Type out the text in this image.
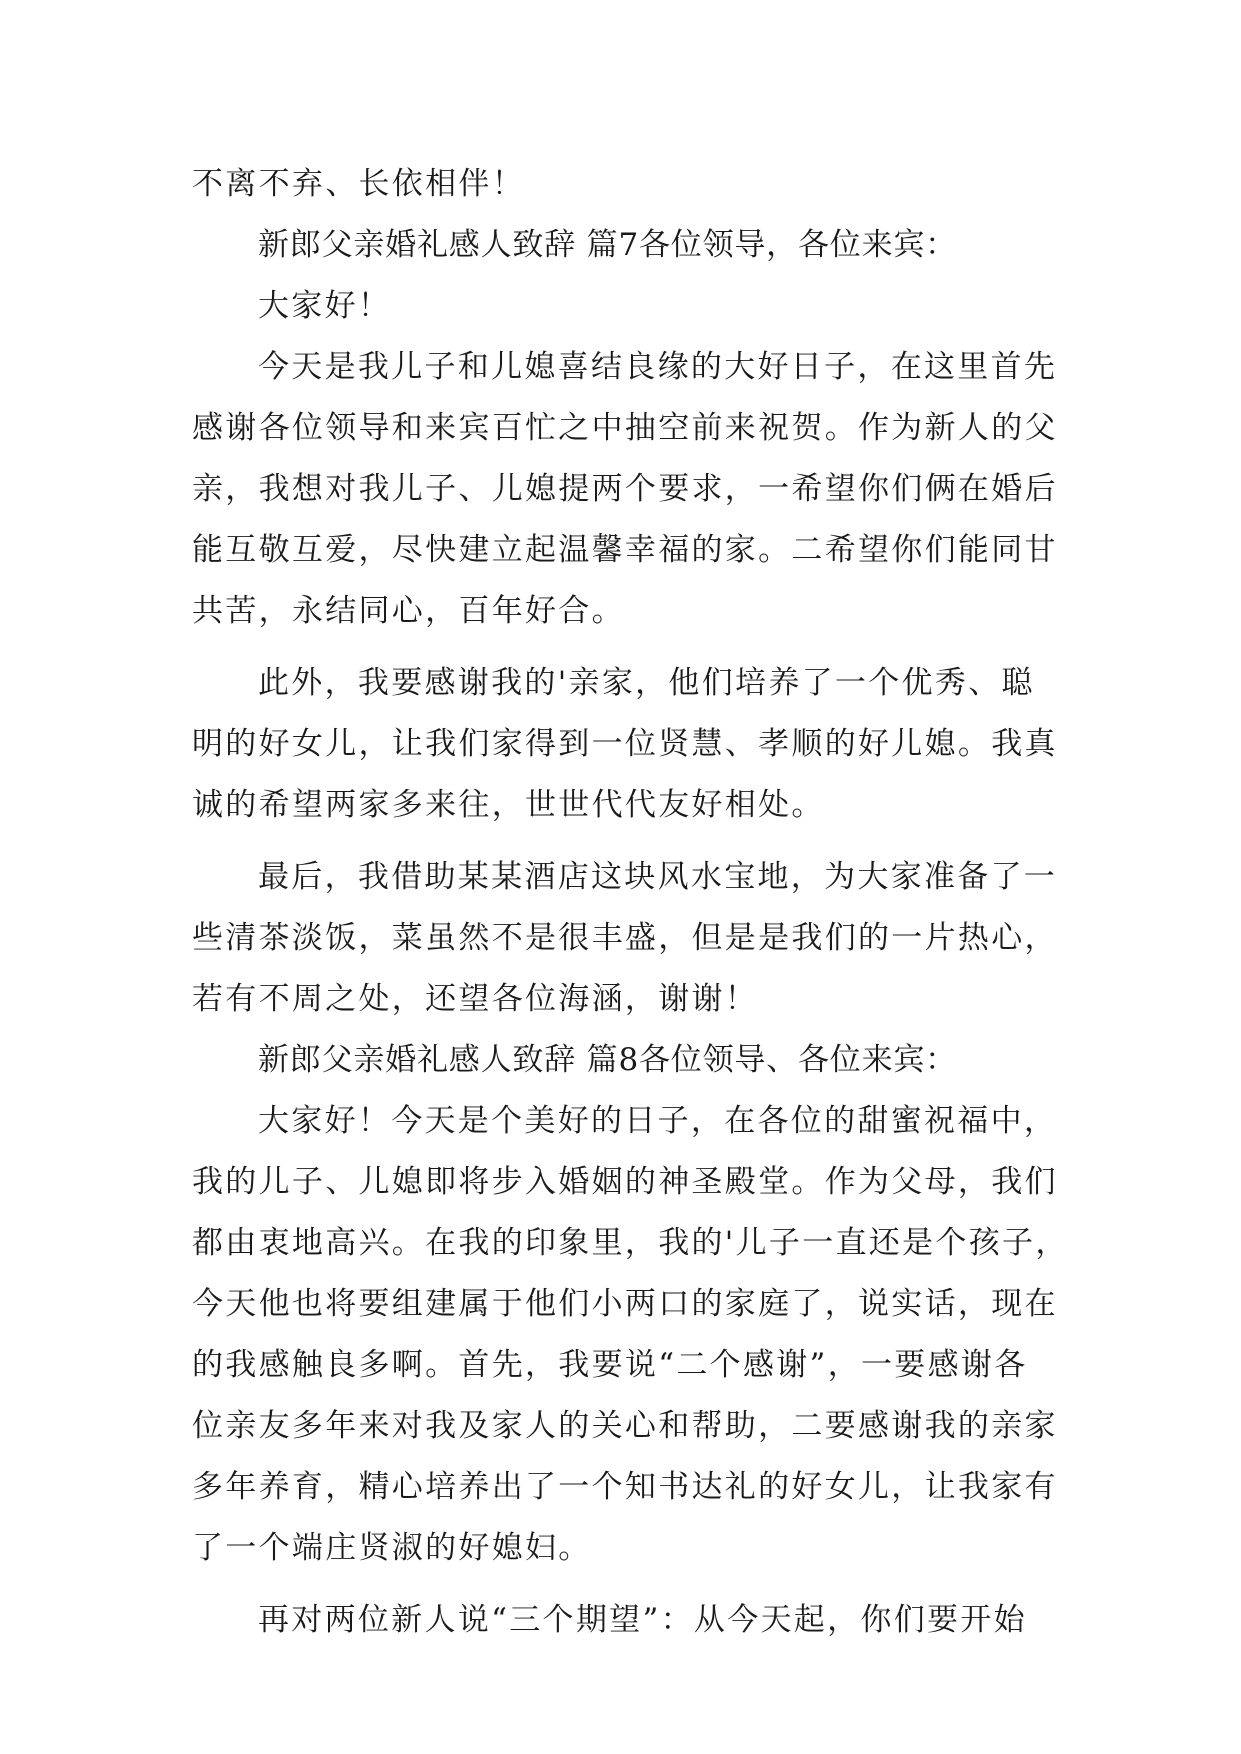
不离不弃、长依相伴！
新郎父亲婚礼感人致辞 篇7各位领导，各位来宾：
大家好！
今天是我儿子和儿媳喜结良缘的大好日子，在这里首先
感谢各位领导和来宾百忙之中抽空前来祝贺。作为新人的父
亲，我想对我儿子、儿媳提两个要求，一希望你们俩在婚后
能互敬互爱，尽快建立起温馨幸福的家。二希望你们能同甘
共苦，永结同心，百年好合。
此外，我要感谢我的'亲家，他们培养了一个优秀、聪
明的好女儿，让我们家得到一位贤慧、孝顺的好儿媳。我真
诚的希望两家多来往，世世代代友好相处。
最后，我借助某某酒店这块风水宝地，为大家准备了一
些清茶淡饭，菜虽然不是很丰盛，但是是我们的一片热心，
若有不周之处，还望各位海涵，谢谢！
新郎父亲婚礼感人致辞 篇8各位领导、各位来宾：
大家好！今天是个美好的日子，在各位的甜蜜祝福中，
我的儿子、儿媳即将步入婚姻的神圣殿堂。作为父母，我们
都由衷地高兴。在我的印象里，我的'儿子一直还是个孩子，
今天他也将要组建属于他们小两口的家庭了，说实话，现在
的我感触良多啊。首先，我要说“二个感谢”，一要感谢各
位亲友多年来对我及家人的关心和帮助，二要感谢我的亲家
多年养育，精心培养出了一个知书达礼的好女儿，让我家有
了一个端庄贤淑的好媳妇。
再对两位新人说“三个期望”：从今天起，你们要开始
